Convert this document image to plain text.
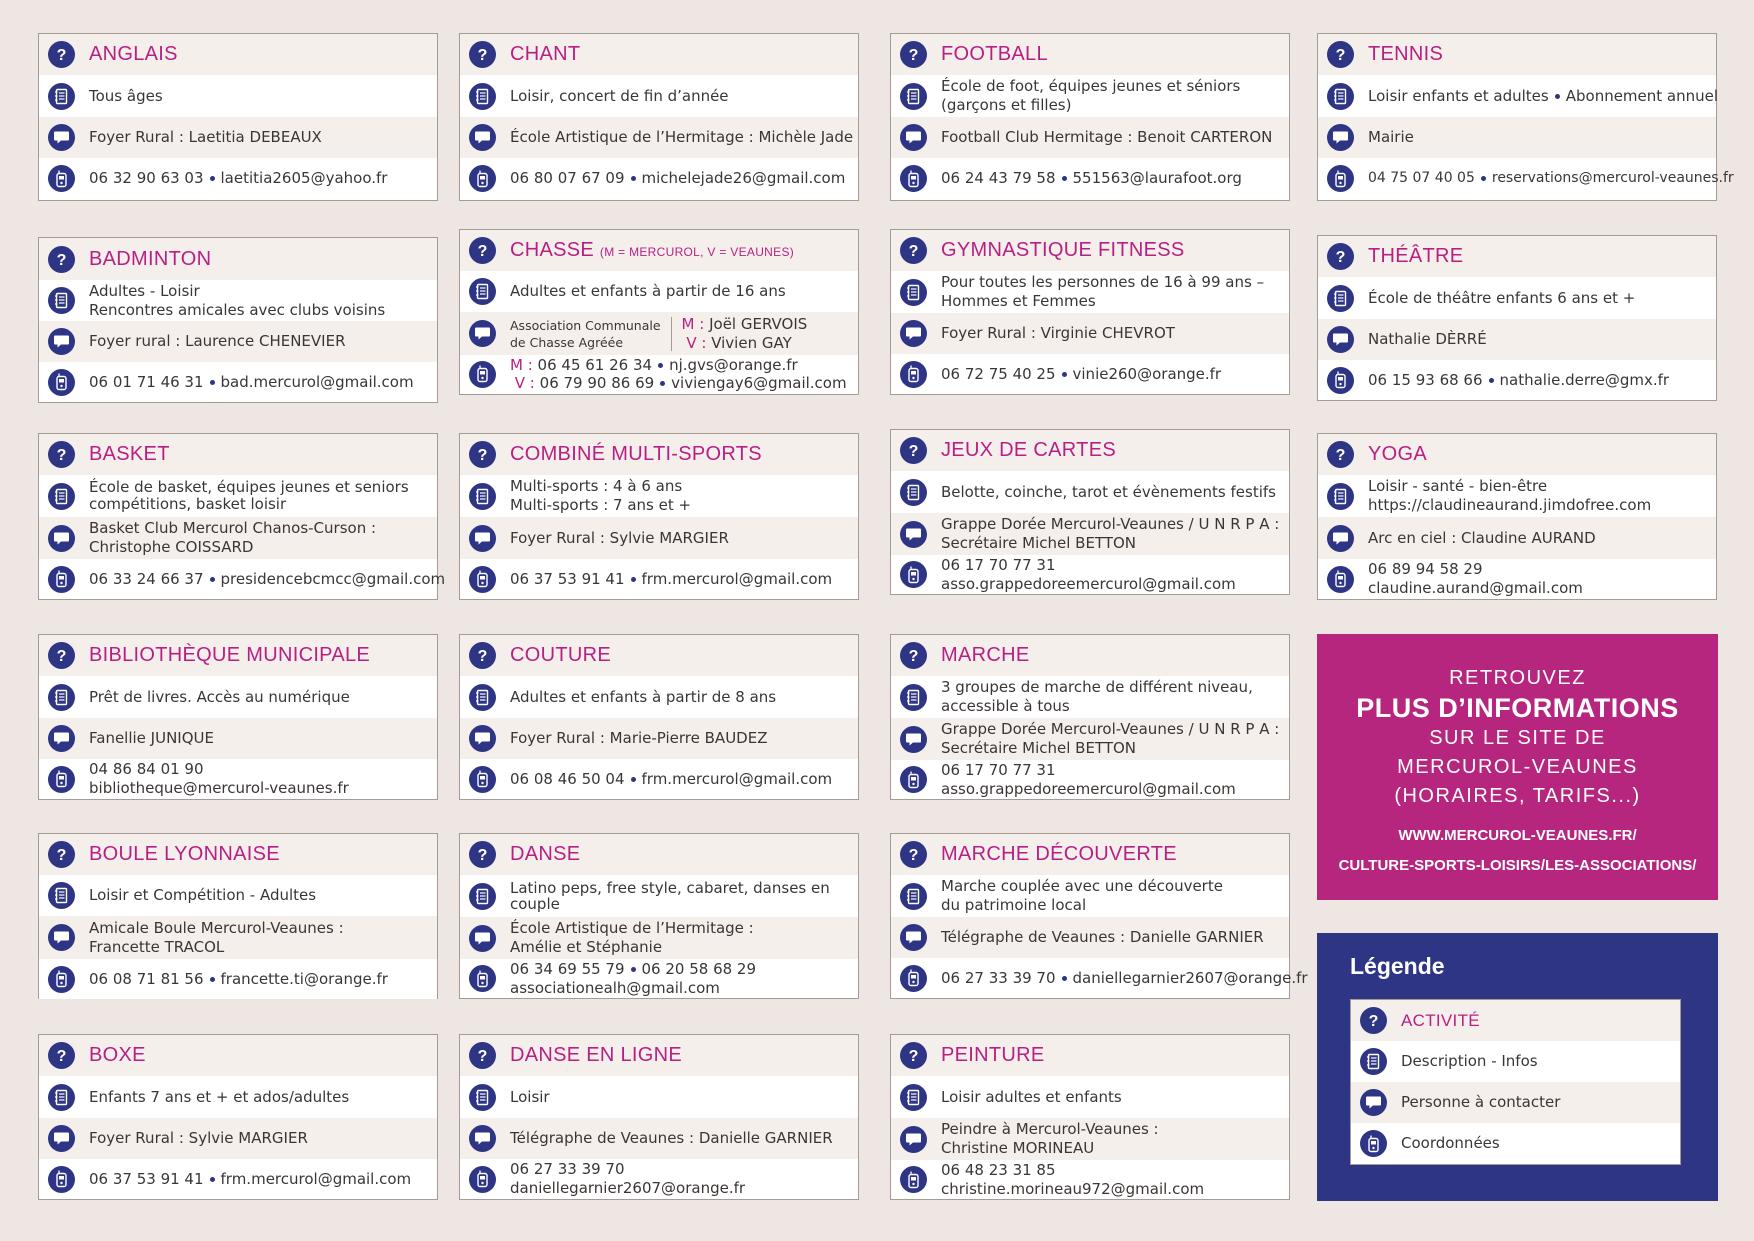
? ANGLAIS
Tous âges
Foyer Rural : Laetitia DEBEAUX
06 32 90 63 03 laetitia2605@yahoo.fr
? BADMINTON
Adultes - Loisir
Rencontres amicales avec clubs voisins
Foyer rural : Laurence CHENEVIER
06 01 71 46 31 bad.mercurol@gmail.com
? BASKET
École de basket, équipes jeunes et seniors
compétitions, basket loisir
Basket Club Mercurol Chanos-Curson :
Christophe COISSARD
06 33 24 66 37 presidencebcmcc@gmail.com
? BIBLIOTHÈQUE MUNICIPALE
Prêt de livres. Accès au numérique
Fanellie JUNIQUE
04 86 84 01 90
bibliotheque@mercurol-veaunes.fr
? BOULE LYONNAISE
Loisir et Compétition - Adultes
Amicale Boule Mercurol-Veaunes :
Francette TRACOL
06 08 71 81 56 francette.ti@orange.fr
? BOXE
Enfants 7 ans et + et ados/adultes
Foyer Rural : Sylvie MARGIER
06 37 53 91 41 frm.mercurol@gmail.com
? CHANT
Loisir, concert de fin d’année
École Artistique de l’Hermitage : Michèle Jade
06 80 07 67 09 michelejade26@gmail.com
? CHASSE (M = MERCUROL, V = VEAUNES)
Adultes et enfants à partir de 16 ans
Association Communale
de Chasse Agréée
M : Joël GERVOIS
V : Vivien GAY
M : 06 45 61 26 34 nj.gvs@orange.fr
V : 06 79 90 86 69 viviengay6@gmail.com
? COMBINÉ MULTI-SPORTS
Multi-sports : 4 à 6 ans
Multi-sports : 7 ans et +
Foyer Rural : Sylvie MARGIER
06 37 53 91 41 frm.mercurol@gmail.com
? COUTURE
Adultes et enfants à partir de 8 ans
Foyer Rural : Marie-Pierre BAUDEZ
06 08 46 50 04 frm.mercurol@gmail.com
? DANSE
Latino peps, free style, cabaret, danses en
couple
École Artistique de l’Hermitage :
Amélie et Stéphanie
06 34 69 55 79 06 20 58 68 29
associationealh@gmail.com
? DANSE EN LIGNE
Loisir
Télégraphe de Veaunes : Danielle GARNIER
06 27 33 39 70
daniellegarnier2607@orange.fr
? FOOTBALL
École de foot, équipes jeunes et séniors
(garçons et filles)
Football Club Hermitage : Benoit CARTERON
06 24 43 79 58 551563@laurafoot.org
? GYMNASTIQUE FITNESS
Pour toutes les personnes de 16 à 99 ans –
Hommes et Femmes
Foyer Rural : Virginie CHEVROT
06 72 75 40 25 vinie260@orange.fr
? JEUX DE CARTES
Belotte, coinche, tarot et évènements festifs
Grappe Dorée Mercurol-Veaunes / U N R P A :
Secrétaire Michel BETTON
06 17 70 77 31
asso.grappedoreemercurol@gmail.com
? MARCHE
3 groupes de marche de différent niveau,
accessible à tous
Grappe Dorée Mercurol-Veaunes / U N R P A :
Secrétaire Michel BETTON
06 17 70 77 31
asso.grappedoreemercurol@gmail.com
? MARCHE DÉCOUVERTE
Marche couplée avec une découverte
du patrimoine local
Télégraphe de Veaunes : Danielle GARNIER
06 27 33 39 70 daniellegarnier2607@orange.fr
? PEINTURE
Loisir adultes et enfants
Peindre à Mercurol-Veaunes :
Christine MORINEAU
06 48 23 31 85
christine.morineau972@gmail.com
? TENNIS
Loisir enfants et adultes Abonnement annuel
Mairie
04 75 07 40 05 reservations@mercurol-veaunes.fr
? THÉÂTRE
École de théâtre enfants 6 ans et +
Nathalie DÈRRÉ
06 15 93 68 66 nathalie.derre@gmx.fr
? YOGA
Loisir - santé - bien-être
https://claudineaurand.jimdofree.com
Arc en ciel : Claudine AURAND
06 89 94 58 29
claudine.aurand@gmail.com
RETROUVEZ
PLUS D’INFORMATIONS
SUR LE SITE DE
MERCUROL-VEAUNES
(HORAIRES, TARIFS...)
WWW.MERCUROL-VEAUNES.FR/
CULTURE-SPORTS-LOISIRS/LES-ASSOCIATIONS/
Légende
? ACTIVITÉ
Description - Infos
Personne à contacter
Coordonnées
